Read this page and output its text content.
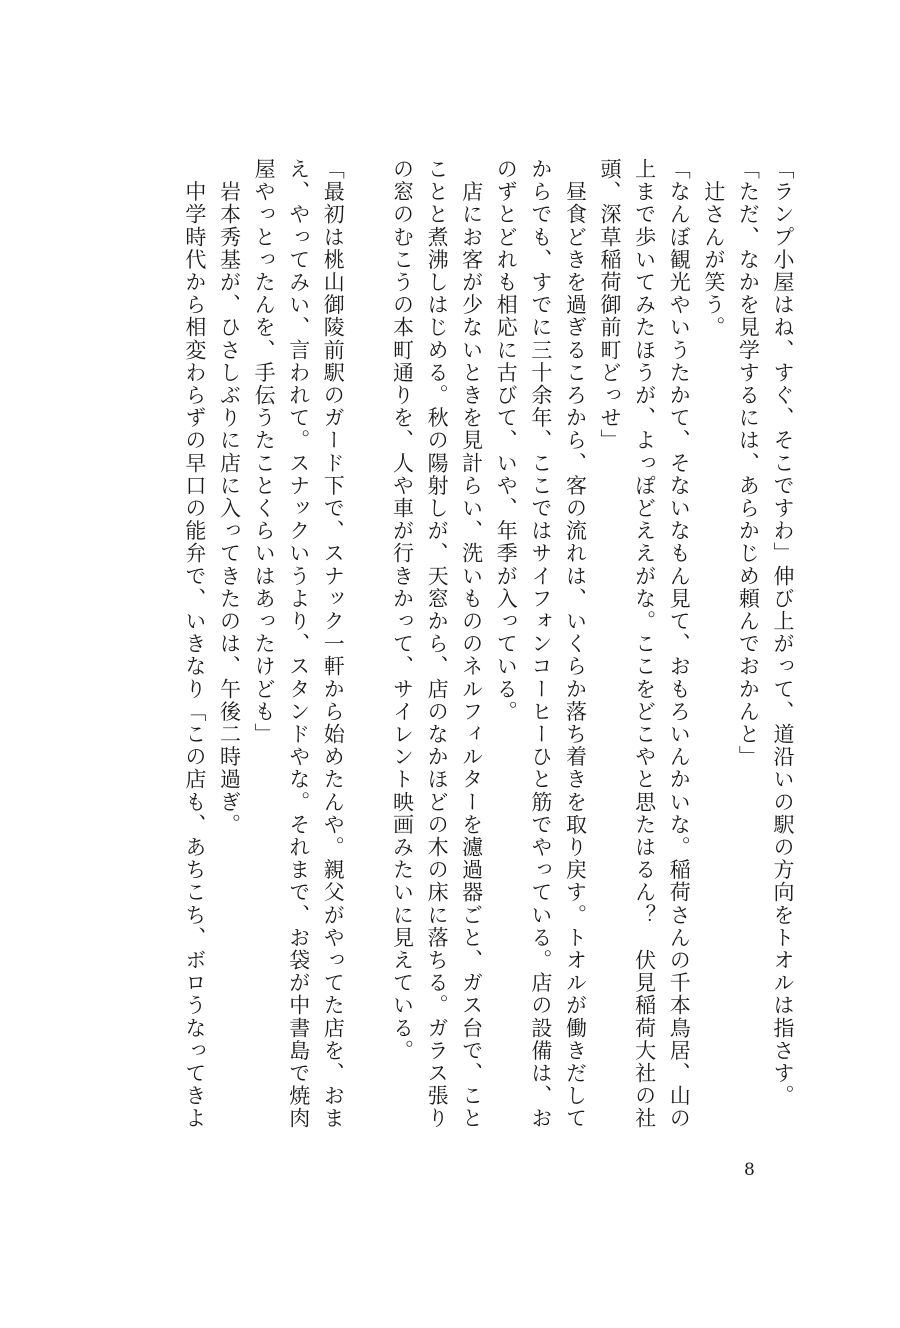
「ランプ小屋はね、すぐ、そこですわ」伸び上がって、道沿いの駅の方向をトオルは指さす。
「ただ、なかを見学するには、あらかじめ頼んでおかんと」
　辻さんが笑う。
「なんぼ観光やいうたかて、そないなもん見て、おもろいんかいな。稲荷さんの千本鳥居、山の
上まで歩いてみたほうが、よっぽどええがな。ここをどこやと思たはるん？　伏見稲荷大社の社
頭、深草稲荷御前町どっせ」
　昼食どきを過ぎるころから、客の流れは、いくらか落ち着きを取り戻す。トオルが働きだして
からでも、すでに三十余年、ここではサイフォンコーヒーひと筋でやっている。店の設備は、お
のずとどれも相応に古びて、いや、年季が入っている。
　店にお客が少ないときを見計らい、洗いもののネルフィルターを濾過器ごと、ガス台で、こと
ことと煮沸しはじめる。秋の陽射しが、天窓から、店のなかほどの木の床に落ちる。ガラス張り
の窓のむこうの本町通りを、人や車が行きかって、サイレント映画みたいに見えている。
「最初は桃山御陵前駅のガード下で、スナック一軒から始めたんや。親父がやってた店を、おま
え、やってみい、言われて。スナックいうより、スタンドやな。それまで、お袋が中書島で焼肉
屋やっとったんを、手伝うたことくらいはあったけども」
　岩本秀基が、ひさしぶりに店に入ってきたのは、午後二時過ぎ。
　中学時代から相変わらずの早口の能弁で、いきなり「この店も、あちこち、ボロうなってきよ
8
